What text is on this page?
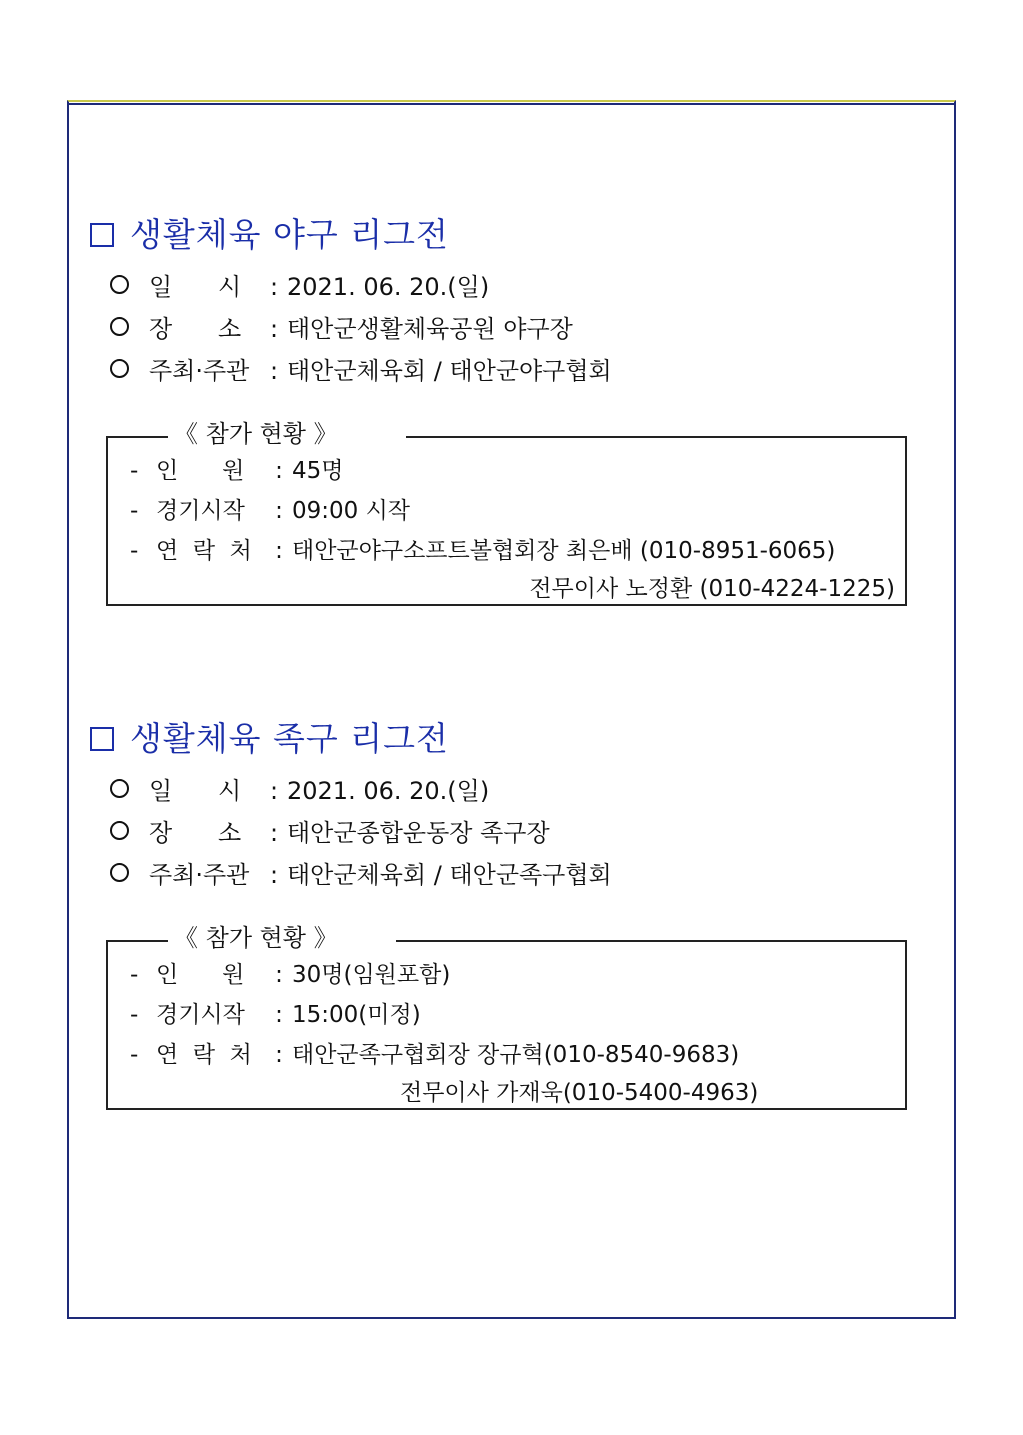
생활체육 야구 리그전
일      시 : 2021. 06. 20.(일)
장      소 : 태안군생활체육공원 야구장
주최·주관 : 태안군체육회 / 태안군야구협회
《 참가 현황 》
- 인      원 : 45명
- 경기시작 : 09:00 시작
- 연  락  처 : 태안군야구소프트볼협회장 최은배 (010-8951-6065)
전무이사 노정환 (010-4224-1225)
생활체육 족구 리그전
일      시 : 2021. 06. 20.(일)
장      소 : 태안군종합운동장 족구장
주최·주관 : 태안군체육회 / 태안군족구협회
《 참가 현황 》
- 인      원 : 30명(임원포함)
- 경기시작 : 15:00(미정)
- 연  락  처 : 태안군족구협회장 장규혁(010-8540-9683)
전무이사 가재욱(010-5400-4963)
